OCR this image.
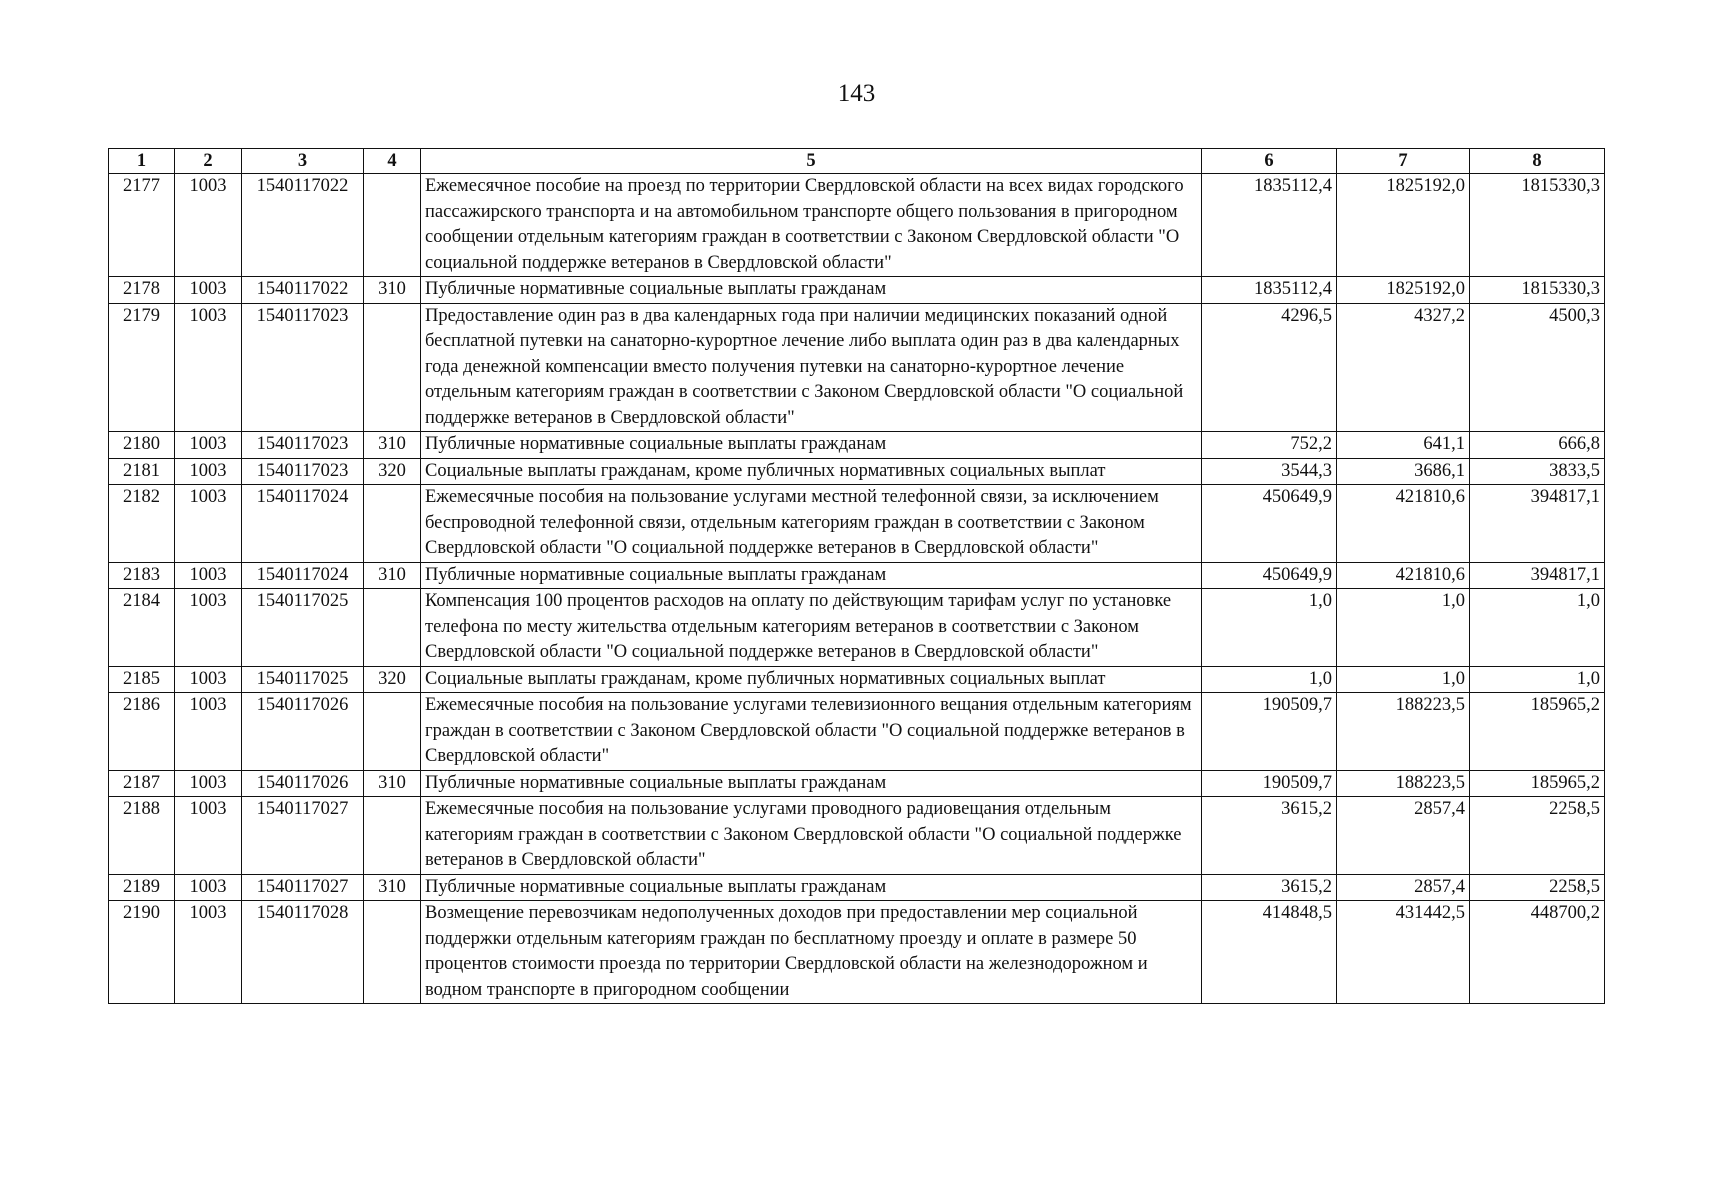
143
1	2	3	4	5	6	7	8
2177	1003	1540117022		Ежемесячное пособие на проезд по территории Свердловской области на всех видах городского пассажирского транспорта и на автомобильном транспорте общего пользования в пригородном сообщении отдельным категориям граждан в соответствии с Законом Свердловской области "О социальной поддержке ветеранов в Свердловской области"	1835112,4	1825192,0	1815330,3
2178	1003	1540117022	310	Публичные нормативные социальные выплаты гражданам	1835112,4	1825192,0	1815330,3
2179	1003	1540117023		Предоставление один раз в два календарных года при наличии медицинских показаний одной бесплатной путевки на санаторно-курортное лечение либо выплата один раз в два календарных года денежной компенсации вместо получения путевки на санаторно-курортное лечение отдельным категориям граждан в соответствии с Законом Свердловской области "О социальной поддержке ветеранов в Свердловской области"	4296,5	4327,2	4500,3
2180	1003	1540117023	310	Публичные нормативные социальные выплаты гражданам	752,2	641,1	666,8
2181	1003	1540117023	320	Социальные выплаты гражданам, кроме публичных нормативных социальных выплат	3544,3	3686,1	3833,5
2182	1003	1540117024		Ежемесячные пособия на пользование услугами местной телефонной связи, за исключением беспроводной телефонной связи, отдельным категориям граждан в соответствии с Законом Свердловской области "О социальной поддержке ветеранов в Свердловской области"	450649,9	421810,6	394817,1
2183	1003	1540117024	310	Публичные нормативные социальные выплаты гражданам	450649,9	421810,6	394817,1
2184	1003	1540117025		Компенсация 100 процентов расходов на оплату по действующим тарифам услуг по установке телефона по месту жительства отдельным категориям ветеранов в соответствии с Законом Свердловской области "О социальной поддержке ветеранов в Свердловской области"	1,0	1,0	1,0
2185	1003	1540117025	320	Социальные выплаты гражданам, кроме публичных нормативных социальных выплат	1,0	1,0	1,0
2186	1003	1540117026		Ежемесячные пособия на пользование услугами телевизионного вещания отдельным категориям граждан в соответствии с Законом Свердловской области "О социальной поддержке ветеранов в Свердловской области"	190509,7	188223,5	185965,2
2187	1003	1540117026	310	Публичные нормативные социальные выплаты гражданам	190509,7	188223,5	185965,2
2188	1003	1540117027		Ежемесячные пособия на пользование услугами проводного радиовещания отдельным категориям граждан в соответствии с Законом Свердловской области "О социальной поддержке ветеранов в Свердловской области"	3615,2	2857,4	2258,5
2189	1003	1540117027	310	Публичные нормативные социальные выплаты гражданам	3615,2	2857,4	2258,5
2190	1003	1540117028		Возмещение перевозчикам недополученных доходов при предоставлении мер социальной поддержки отдельным категориям граждан по бесплатному проезду и оплате в размере 50 процентов стоимости проезда по территории Свердловской области на железнодорожном и водном транспорте в пригородном сообщении	414848,5	431442,5	448700,2
